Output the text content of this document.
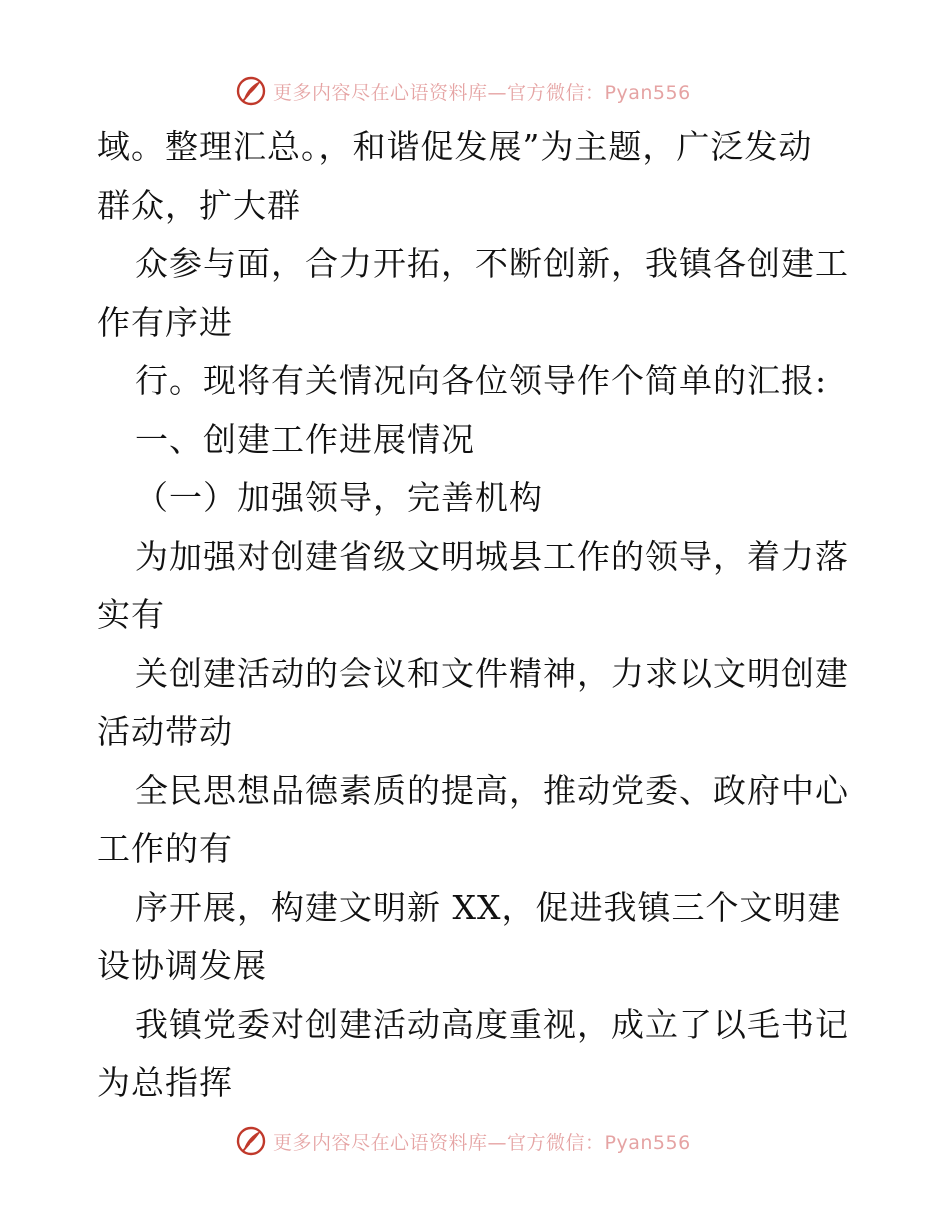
更多内容尽在心语资料库—官方微信：Pyan556
域。整理汇总。，和谐促发展”为主题，广泛发动
群众，扩大群
众参与面，合力开拓，不断创新，我镇各创建工
作有序进
行。现将有关情况向各位领导作个简单的汇报:
一、创建工作进展情况
（一）加强领导，完善机构
为加强对创建省级文明城县工作的领导，着力落
实有
关创建活动的会议和文件精神，力求以文明创建
活动带动
全民思想品德素质的提高，推动党委、政府中心
工作的有
序开展，构建文明新 XX，促进我镇三个文明建
设协调发展
我镇党委对创建活动高度重视，成立了以毛书记
为总指挥
更多内容尽在心语资料库—官方微信：Pyan556
